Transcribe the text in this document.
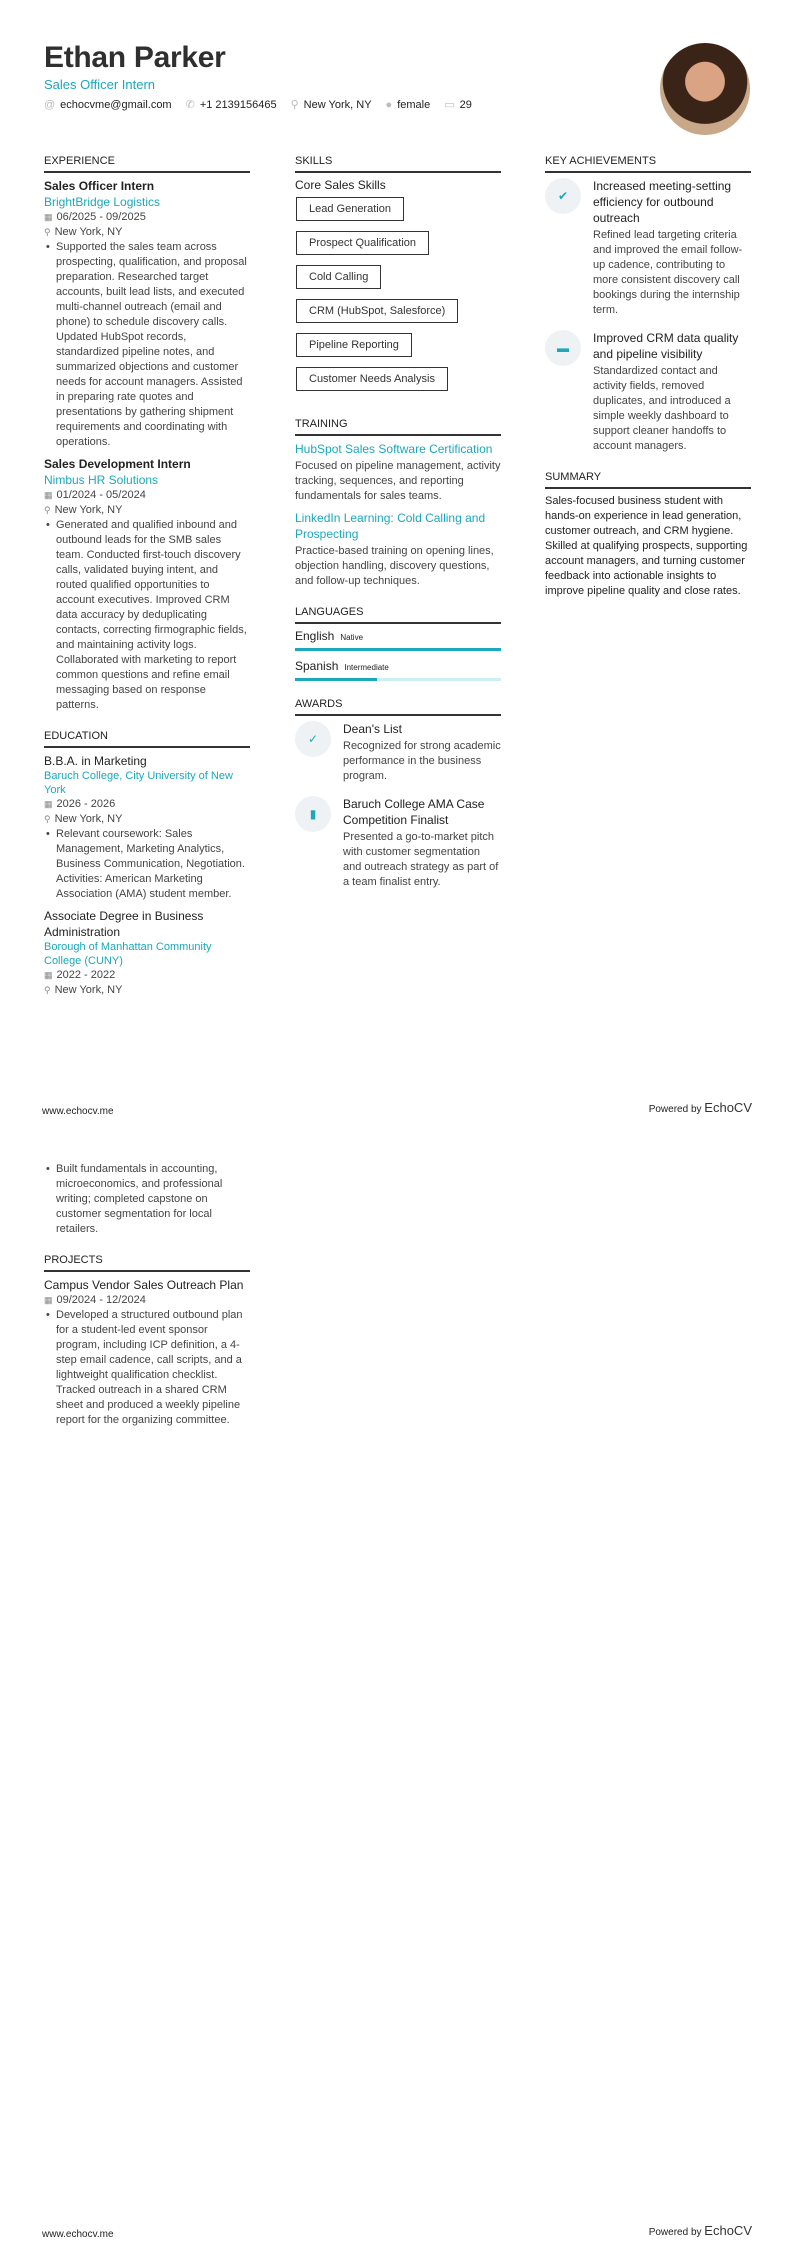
Ethan Parker
Sales Officer Intern
@ echocvme@gmail.com ✆ +1 2139156465 ⚲ New York, NY ● female ▭ 29
EXPERIENCE
Sales Officer Intern
BrightBridge Logistics
▦ 06/2025 - 09/2025
⚲ New York, NY
• Supported the sales team across prospecting, qualification, and proposal preparation. Researched target accounts, built lead lists, and executed multi-channel outreach (email and phone) to schedule discovery calls. Updated HubSpot records, standardized pipeline notes, and summarized objections and customer needs for account managers. Assisted in preparing rate quotes and presentations by gathering shipment requirements and coordinating with operations.
Sales Development Intern
Nimbus HR Solutions
▦ 01/2024 - 05/2024
⚲ New York, NY
• Generated and qualified inbound and outbound leads for the SMB sales team. Conducted first-touch discovery calls, validated buying intent, and routed qualified opportunities to account executives. Improved CRM data accuracy by deduplicating contacts, correcting firmographic fields, and maintaining activity logs. Collaborated with marketing to report common questions and refine email messaging based on response patterns.
EDUCATION
B.B.A. in Marketing
Baruch College, City University of New York
▦ 2026 - 2026
⚲ New York, NY
• Relevant coursework: Sales Management, Marketing Analytics, Business Communication, Negotiation. Activities: American Marketing Association (AMA) student member.
Associate Degree in Business Administration
Borough of Manhattan Community College (CUNY)
▦ 2022 - 2022
⚲ New York, NY
SKILLS
Core Sales Skills
Lead Generation
Prospect Qualification
Cold Calling
CRM (HubSpot, Salesforce)
Pipeline Reporting
Customer Needs Analysis

TRAINING
HubSpot Sales Software Certification
Focused on pipeline management, activity tracking, sequences, and reporting fundamentals for sales teams.
LinkedIn Learning: Cold Calling and Prospecting
Practice-based training on opening lines, objection handling, discovery questions, and follow-up techniques.
LANGUAGES
English Native
Spanish Intermediate
AWARDS
✓
Dean's List
Recognized for strong academic performance in the business program.
▮
Baruch College AMA Case Competition Finalist
Presented a go-to-market pitch with customer segmentation and outreach strategy as part of a team finalist entry.
KEY ACHIEVEMENTS
✔
Increased meeting-setting efficiency for outbound outreach
Refined lead targeting criteria and improved the email follow-up cadence, contributing to more consistent discovery call bookings during the internship term.
▬
Improved CRM data quality and pipeline visibility
Standardized contact and activity fields, removed duplicates, and introduced a simple weekly dashboard to support cleaner handoffs to account managers.
SUMMARY
Sales-focused business student with hands-on experience in lead generation, customer outreach, and CRM hygiene. Skilled at qualifying prospects, supporting account managers, and turning customer feedback into actionable insights to improve pipeline quality and close rates.
www.echocv.me	Powered by EchoCV
• Built fundamentals in accounting, microeconomics, and professional writing; completed capstone on customer segmentation for local retailers.
PROJECTS
Campus Vendor Sales Outreach Plan
▦ 09/2024 - 12/2024
• Developed a structured outbound plan for a student-led event sponsor program, including ICP definition, a 4-step email cadence, call scripts, and a lightweight qualification checklist. Tracked outreach in a shared CRM sheet and produced a weekly pipeline report for the organizing committee.
www.echocv.me	Powered by EchoCV
